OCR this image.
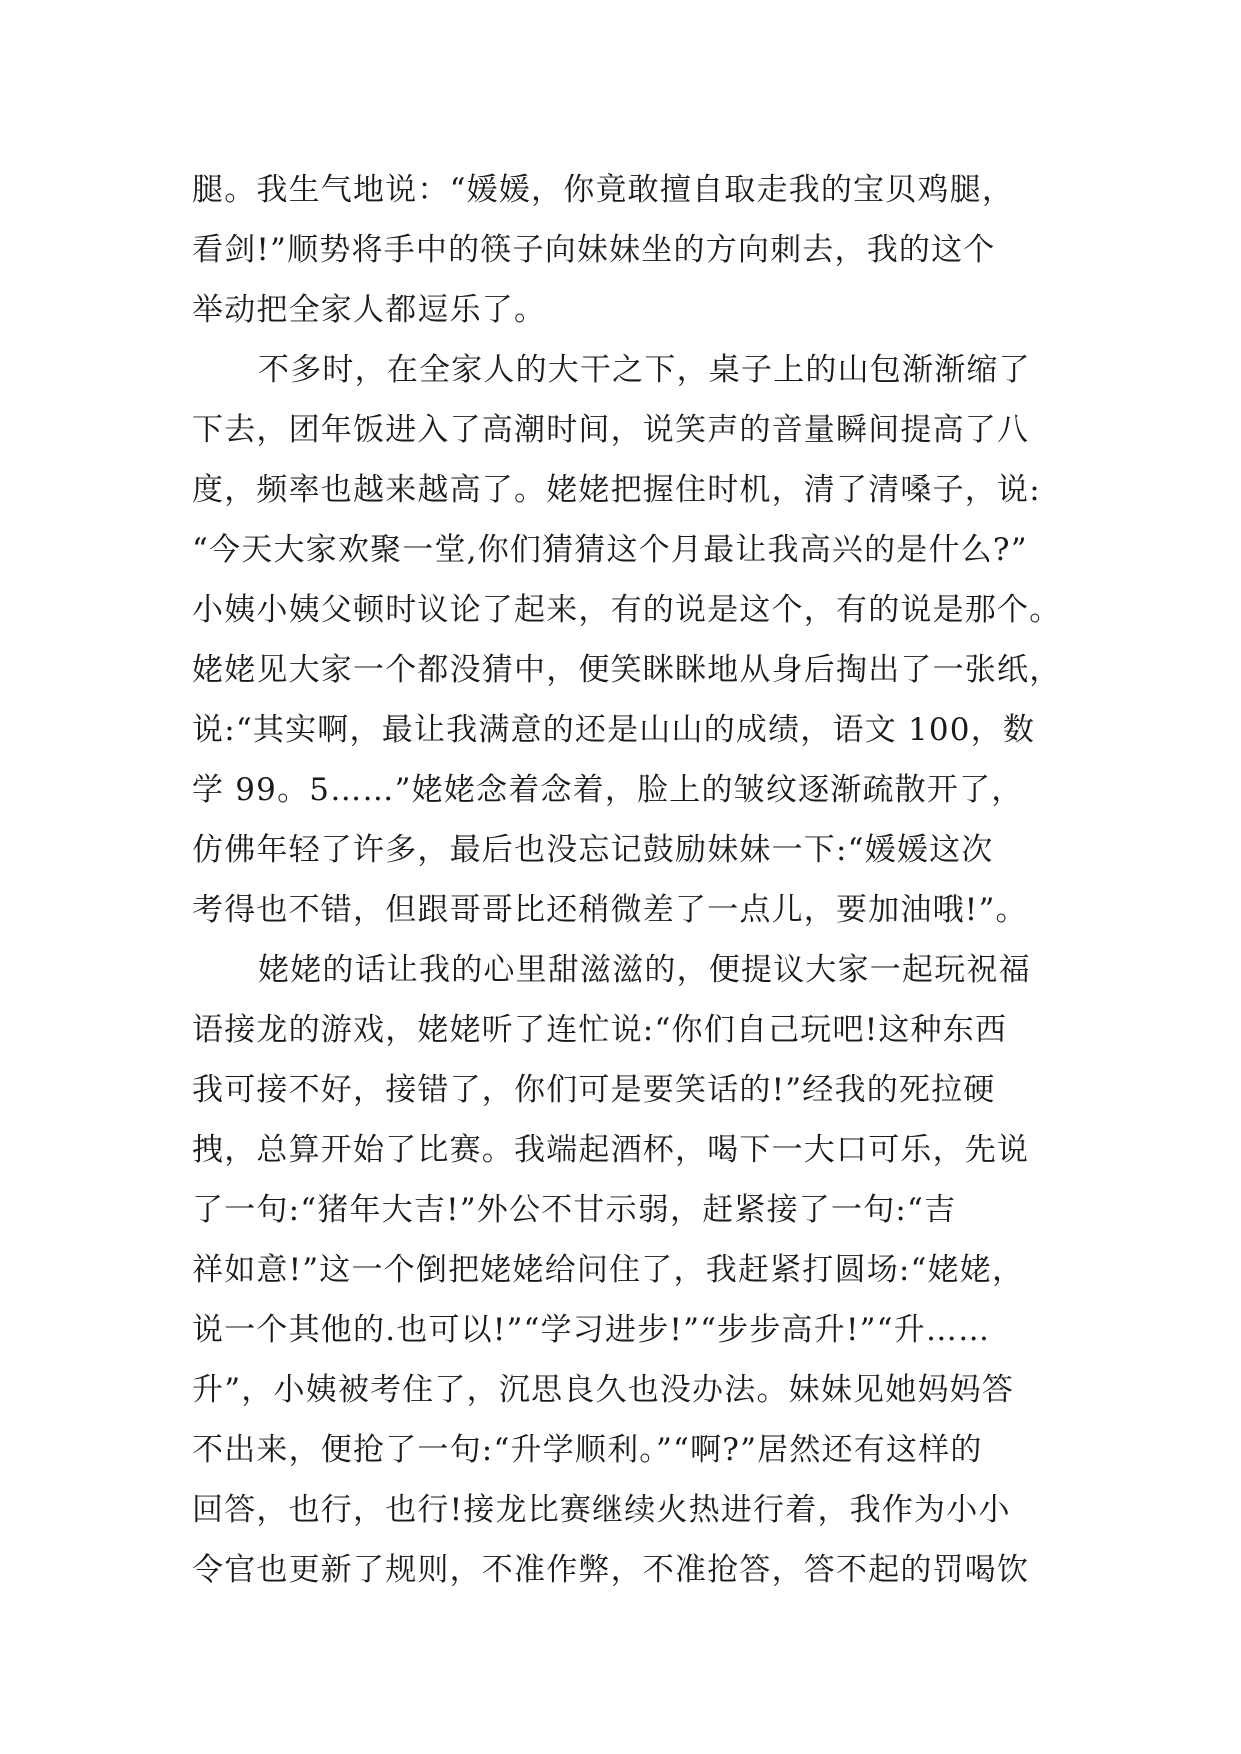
腿。我生气地说：“媛媛，你竟敢擅自取走我的宝贝鸡腿，
看剑!”顺势将手中的筷子向妹妹坐的方向刺去，我的这个
举动把全家人都逗乐了。
不多时，在全家人的大干之下，桌子上的山包渐渐缩了
下去，团年饭进入了高潮时间，说笑声的音量瞬间提高了八
度，频率也越来越高了。姥姥把握住时机，清了清嗓子，说:
“今天大家欢聚一堂,你们猜猜这个月最让我高兴的是什么?”
小姨小姨父顿时议论了起来，有的说是这个，有的说是那个。
姥姥见大家一个都没猜中，便笑眯眯地从身后掏出了一张纸，
说:“其实啊，最让我满意的还是山山的成绩，语文 100，数
学 99。5……”姥姥念着念着，脸上的皱纹逐渐疏散开了，
仿佛年轻了许多，最后也没忘记鼓励妹妹一下:“媛媛这次
考得也不错，但跟哥哥比还稍微差了一点儿，要加油哦!”。
姥姥的话让我的心里甜滋滋的，便提议大家一起玩祝福
语接龙的游戏，姥姥听了连忙说:“你们自己玩吧!这种东西
我可接不好，接错了，你们可是要笑话的!”经我的死拉硬
拽，总算开始了比赛。我端起酒杯，喝下一大口可乐，先说
了一句:“猪年大吉!”外公不甘示弱，赶紧接了一句:“吉
祥如意!”这一个倒把姥姥给问住了，我赶紧打圆场:“姥姥，
说一个其他的.也可以!”“学习进步!”“步步高升!”“升……
升”，小姨被考住了，沉思良久也没办法。妹妹见她妈妈答
不出来，便抢了一句:“升学顺利。”“啊?”居然还有这样的
回答，也行，也行!接龙比赛继续火热进行着，我作为小小
令官也更新了规则，不准作弊，不准抢答，答不起的罚喝饮
